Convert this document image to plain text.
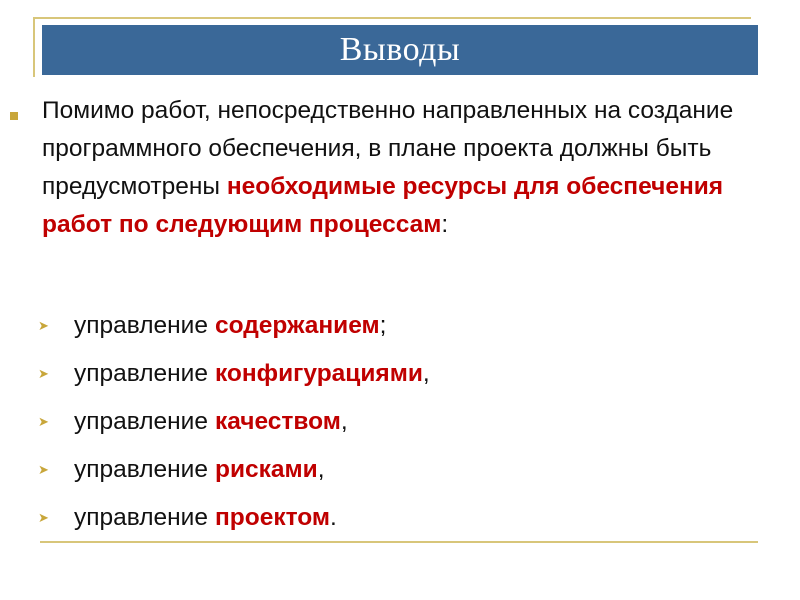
Выводы
Помимо работ, непосредственно направленных на создание программного обеспечения, в плане проекта должны быть предусмотрены необходимые ресурсы для обеспечения работ по следующим процессам:
➤	управление содержанием ;
➤	управление конфигурациями ,
➤	управление качеством ,
➤	управление рисками ,
➤	управление проектом .
